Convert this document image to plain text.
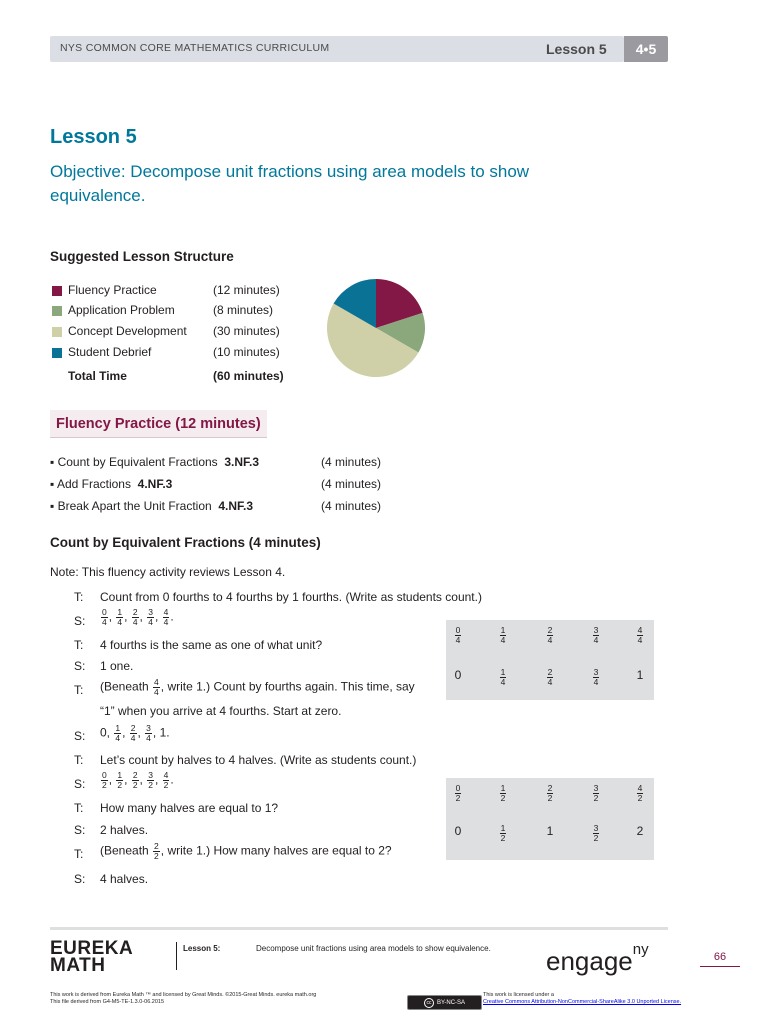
NYS COMMON CORE MATHEMATICS CURRICULUM	Lesson 5	4•5
Lesson 5
Objective: Decompose unit fractions using area models to show equivalence.
Suggested Lesson Structure
Fluency Practice	(12 minutes)
Application Problem	(8 minutes)
Concept Development (30 minutes)
Student Debrief	(10 minutes)
Total Time	(60 minutes)
Fluency Practice (12 minutes)
▪ Count by Equivalent Fractions 3.NF.3	(4 minutes)
▪ Add Fractions 4.NF.3	(4 minutes)
▪ Break Apart the Unit Fraction 4.NF.3	(4 minutes)
Count by Equivalent Fractions (4 minutes)
Note: This fluency activity reviews Lesson 4.
T: Count from 0 fourths to 4 fourths by 1 fourths. (Write as students count.)
S: $\frac{0}{4}$ , $\frac{1}{4}$ , $\frac{2}{4}$ , $\frac{3}{4}$ , $\frac{4}{4}$ .
T: 4 fourths is the same as one of what unit?
S: 1 one.
T: (Beneath $\frac{4}{4}$ , write 1.) Count by fourths again. This time, say
“1” when you arrive at 4 fourths. Start at zero.
S: 0, $\frac{1}{4}$ , $\frac{2}{4}$ , $\frac{3}{4}$ , 1.
T: Let’s count by halves to 4 halves. (Write as students count.)
S: $\frac{0}{2}$ , $\frac{1}{2}$ , $\frac{2}{2}$ , $\frac{3}{2}$ , $\frac{4}{2}$ .
T: How many halves are equal to 1?
S: 2 halves.
T: (Beneath $\frac{2}{2}$ , write 1.) How many halves are equal to 2?
S: 4 halves.
$\frac{0}{4}$	$\frac{1}{4}$	$\frac{2}{4}$	$\frac{3}{4}$	$\frac{4}{4}$
0	$\frac{1}{4}$	$\frac{2}{4}$	$\frac{3}{4}$	1
$\frac{0}{2}$	$\frac{1}{2}$	$\frac{2}{2}$	$\frac{3}{2}$	$\frac{4}{2}$
0	$\frac{1}{2}$	1	$\frac{3}{2}$	2
EUREKA
MATH
Lesson 5:	Decompose unit fractions using area models to show equivalence. engage$^{ny}$	66
This work is derived from Eureka Math ™ and licensed by Great Minds. ©2015-Great Minds. eureka math.org
This file derived from G4-M5-TE-1.3.0-06.2015	cc BY-NC-SA
This work is licensed under a
Creative Commons Attribution-NonCommercial-ShareAlike 3.0 Unported License.
